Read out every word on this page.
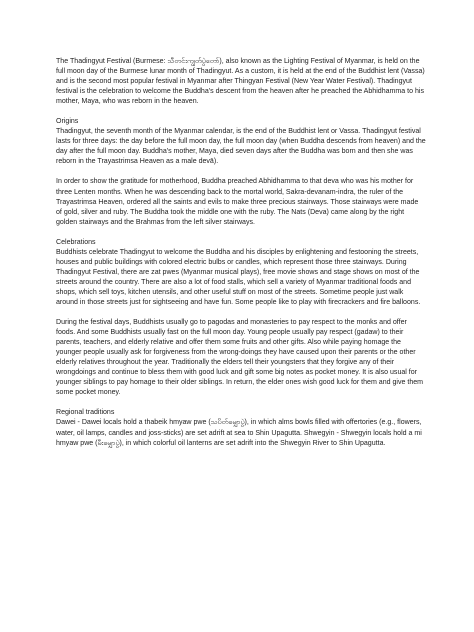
The Thadingyut Festival (Burmese: သီတင်းကျွတ်ပွဲတော်), also known as the Lighting Festival of Myanmar, is held on the full moon day of the Burmese lunar month of Thadingyut. As a custom, it is held at the end of the Buddhist lent (Vassa) and is the second most popular festival in Myanmar after Thingyan Festival (New Year Water Festival). Thadingyut festival is the celebration to welcome the Buddha's descent from the heaven after he preached the Abhidhamma to his mother, Maya, who was reborn in the heaven.

Origins

Thadingyut, the seventh month of the Myanmar calendar, is the end of the Buddhist lent or Vassa. Thadingyut festival lasts for three days: the day before the full moon day, the full moon day (when Buddha descends from heaven) and the day after the full moon day. Buddha's mother, Maya, died seven days after the Buddha was born and then she was reborn in the Trayastrimsa Heaven as a male devā).

In order to show the gratitude for motherhood, Buddha preached Abhidhamma to that deva who was his mother for three Lenten months. When he was descending back to the mortal world, Sakra-devanam-indra, the ruler of the Trayastrimsa Heaven, ordered all the saints and evils to make three precious stairways. Those stairways were made of gold, silver and ruby. The Buddha took the middle one with the ruby. The Nats (Deva) came along by the right golden stairways and the Brahmas from the left silver stairways.

Celebrations

Buddhists celebrate Thadingyut to welcome the Buddha and his disciples by enlightening and festooning the streets, houses and public buildings with colored electric bulbs or candles, which represent those three stairways. During Thadingyut Festival, there are zat pwes (Myanmar musical plays), free movie shows and stage shows on most of the streets around the country. There are also a lot of food stalls, which sell a variety of Myanmar traditional foods and shops, which sell toys, kitchen utensils, and other useful stuff on most of the streets. Sometime people just walk around in those streets just for sightseeing and have fun. Some people like to play with firecrackers and fire balloons.

During the festival days, Buddhists usually go to pagodas and monasteries to pay respect to the monks and offer foods. And some Buddhists usually fast on the full moon day. Young people usually pay respect (gadaw) to their parents, teachers, and elderly relative and offer them some fruits and other gifts. Also while paying homage the younger people usually ask for forgiveness from the wrong-doings they have caused upon their parents or the other elderly relatives throughout the year. Traditionally the elders tell their youngsters that they forgive any of their wrongdoings and continue to bless them with good luck and gift some big notes as pocket money. It is also usual for younger siblings to pay homage to their older siblings. In return, the elder ones wish good luck for them and give them some pocket money.

Regional traditions

Dawei - Dawei locals hold a thabeik hmyaw pwe (သပိတ်မျှောပွဲ), in which alms bowls filled with offertories (e.g., flowers, water, oil lamps, candles and joss-sticks) are set adrift at sea to Shin Upagutta. Shwegyin - Shwegyin locals hold a mi hmyaw pwe (မီးမျှောပွဲ), in which colorful oil lanterns are set adrift into the Shwegyin River to Shin Upagutta.
